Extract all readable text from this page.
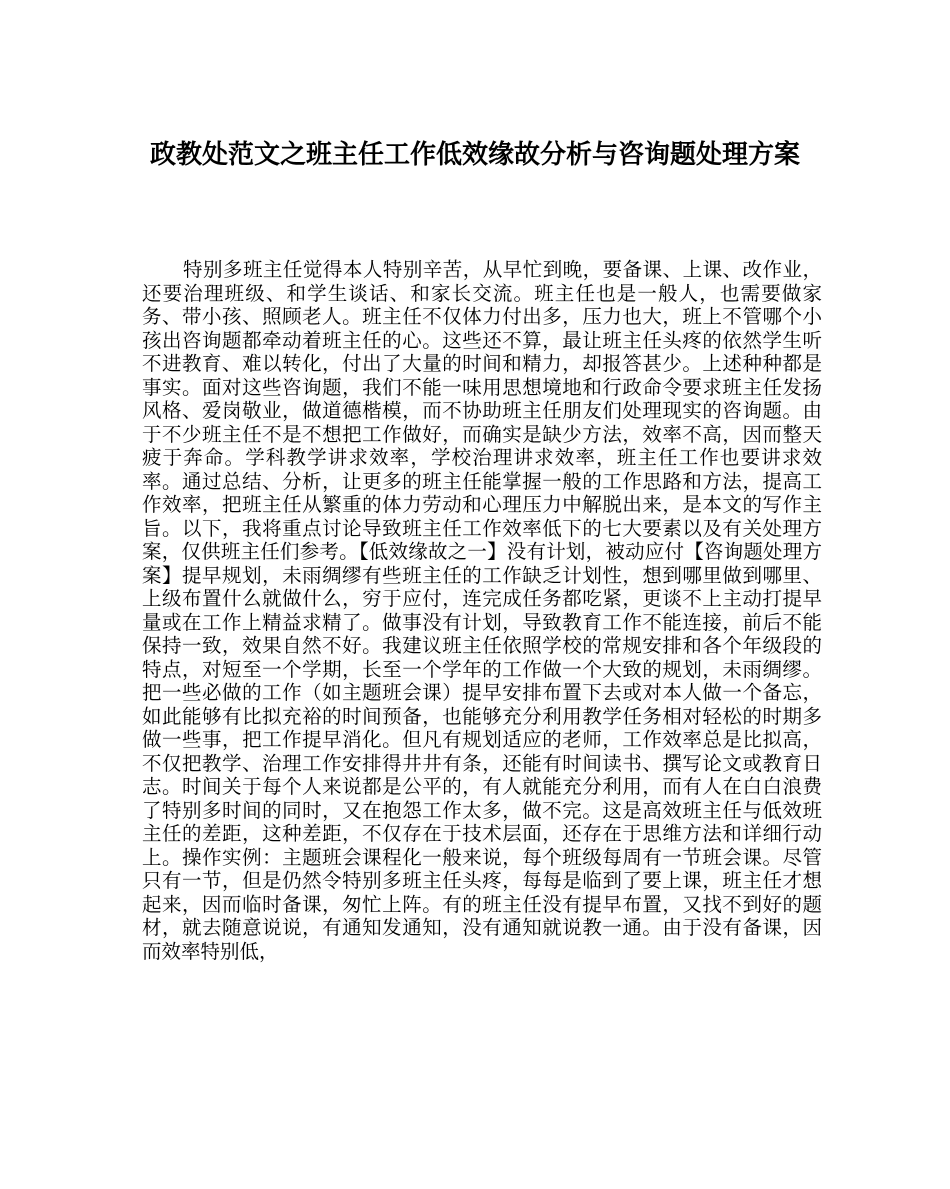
政教处范文之班主任工作低效缘故分析与咨询题处理方案

特别多班主任觉得本人特别辛苦，从早忙到晚，要备课、上课、改作业，还要治理班级、和学生谈话、和家长交流。班主任也是一般人，也需要做家务、带小孩、照顾老人。班主任不仅体力付出多，压力也大，班上不管哪个小孩出咨询题都牵动着班主任的心。这些还不算，最让班主任头疼的依然学生听不进教育、难以转化，付出了大量的时间和精力，却报答甚少。上述种种都是事实。面对这些咨询题，我们不能一味用思想境地和行政命令要求班主任发扬风格、爱岗敬业，做道德楷模，而不协助班主任朋友们处理现实的咨询题。由于不少班主任不是不想把工作做好，而确实是缺少方法，效率不高，因而整天疲于奔命。学科教学讲求效率，学校治理讲求效率，班主任工作也要讲求效率。通过总结、分析，让更多的班主任能掌握一般的工作思路和方法，提高工作效率，把班主任从繁重的体力劳动和心理压力中解脱出来，是本文的写作主旨。以下，我将重点讨论导致班主任工作效率低下的七大要素以及有关处理方案，仅供班主任们参考。【低效缘故之一】没有计划，被动应付【咨询题处理方案】提早规划，未雨绸缪有些班主任的工作缺乏计划性，想到哪里做到哪里、上级布置什么就做什么，穷于应付，连完成任务都吃紧，更谈不上主动打提早量或在工作上精益求精了。做事没有计划，导致教育工作不能连接，前后不能保持一致，效果自然不好。我建议班主任依照学校的常规安排和各个年级段的特点，对短至一个学期，长至一个学年的工作做一个大致的规划，未雨绸缪。把一些必做的工作（如主题班会课）提早安排布置下去或对本人做一个备忘，如此能够有比拟充裕的时间预备，也能够充分利用教学任务相对轻松的时期多做一些事，把工作提早消化。但凡有规划适应的老师，工作效率总是比拟高，不仅把教学、治理工作安排得井井有条，还能有时间读书、撰写论文或教育日志。时间关于每个人来说都是公平的，有人就能充分利用，而有人在白白浪费了特别多时间的同时，又在抱怨工作太多，做不完。这是高效班主任与低效班主任的差距，这种差距，不仅存在于技术层面，还存在于思维方法和详细行动上。操作实例：主题班会课程化一般来说，每个班级每周有一节班会课。尽管只有一节，但是仍然令特别多班主任头疼，每每是临到了要上课，班主任才想起来，因而临时备课，匆忙上阵。有的班主任没有提早布置，又找不到好的题材，就去随意说说，有通知发通知，没有通知就说教一通。由于没有备课，因而效率特别低，
